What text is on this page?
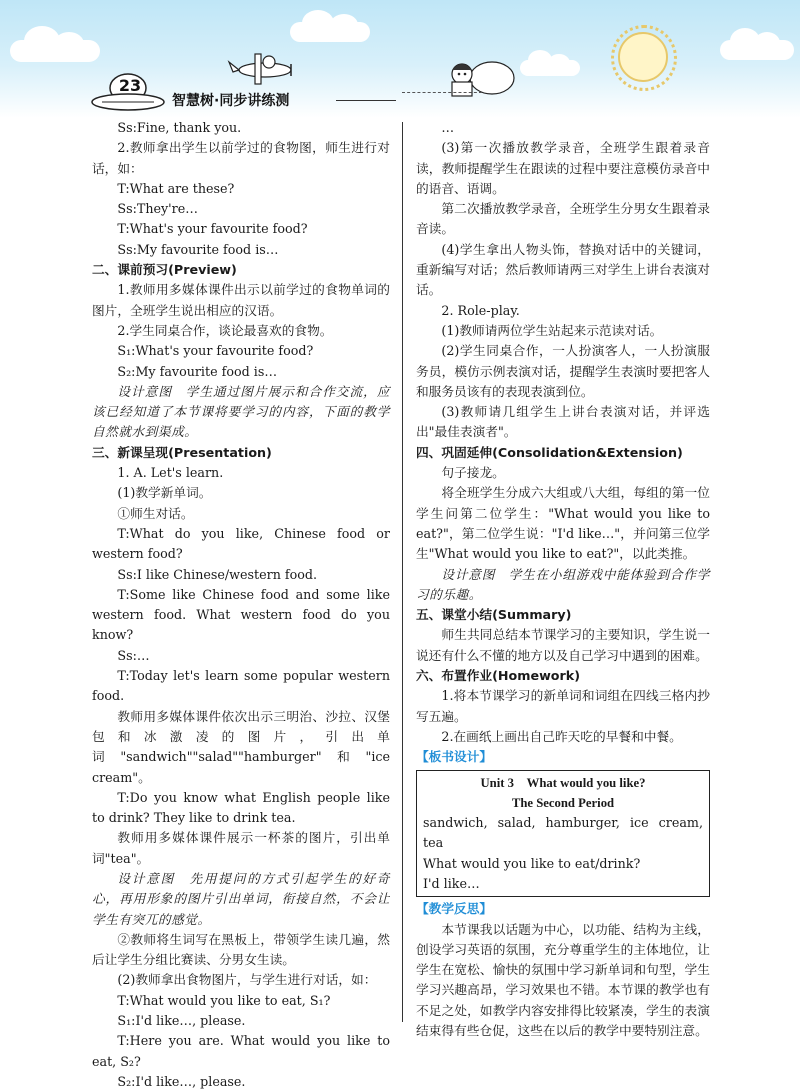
23
智慧树·同步讲练测

Ss:Fine, thank you.

2.教师拿出学生以前学过的食物图，师生进行对话，如：

T:What are these?

Ss:They're…

T:What's your favourite food?

Ss:My favourite food is…

二、课前预习(Preview)

1.教师用多媒体课件出示以前学过的食物单词的图片，全班学生说出相应的汉语。

2.学生同桌合作，谈论最喜欢的食物。

S₁:What's your favourite food?

S₂:My favourite food is…

设计意图　学生通过图片展示和合作交流，应该已经知道了本节课将要学习的内容，下面的教学自然就水到渠成。

三、新课呈现(Presentation)

1. A. Let's learn.

(1)教学新单词。

①师生对话。

T:What do you like, Chinese food or western food?

Ss:I like Chinese/western food.

T:Some like Chinese food and some like western food. What western food do you know?

Ss:…

T:Today let's learn some popular western food.

教师用多媒体课件依次出示三明治、沙拉、汉堡包和冰激凌的图片，引出单词"sandwich""salad""hamburger"和"ice cream"。

T:Do you know what English people like to drink? They like to drink tea.

教师用多媒体课件展示一杯茶的图片，引出单词"tea"。

设计意图　先用提问的方式引起学生的好奇心，再用形象的图片引出单词，衔接自然，不会让学生有突兀的感觉。

②教师将生词写在黑板上，带领学生读几遍，然后让学生分组比赛读、分男女生读。

(2)教师拿出食物图片，与学生进行对话，如：

T:What would you like to eat, S₁?

S₁:I'd like…, please.

T:Here you are. What would you like to eat, S₂?

S₂:I'd like…, please.

…

(3)第一次播放教学录音，全班学生跟着录音读，教师提醒学生在跟读的过程中要注意模仿录音中的语音、语调。

第二次播放教学录音，全班学生分男女生跟着录音读。

(4)学生拿出人物头饰，替换对话中的关键词，重新编写对话；然后教师请两三对学生上讲台表演对话。

2. Role-play.

(1)教师请两位学生站起来示范读对话。

(2)学生同桌合作，一人扮演客人，一人扮演服务员，模仿示例表演对话，提醒学生表演时要把客人和服务员该有的表现表演到位。

(3)教师请几组学生上讲台表演对话，并评选出"最佳表演者"。

四、巩固延伸(Consolidation&Extension)

句子接龙。

将全班学生分成六大组或八大组，每组的第一位学生问第二位学生："What would you like to eat?"，第二位学生说："I'd like…"，并问第三位学生"What would you like to eat?"，以此类推。

设计意图　学生在小组游戏中能体验到合作学习的乐趣。

五、课堂小结(Summary)

师生共同总结本节课学习的主要知识，学生说一说还有什么不懂的地方以及自己学习中遇到的困难。

六、布置作业(Homework)

1.将本节课学习的新单词和词组在四线三格内抄写五遍。

2.在画纸上画出自己昨天吃的早餐和中餐。

【板书设计】

Unit 3　What would you like?

The Second Period

sandwich, salad, hamburger, ice cream, tea

What would you like to eat/drink?

I'd like…

【教学反思】

本节课我以话题为中心，以功能、结构为主线，创设学习英语的氛围，充分尊重学生的主体地位，让学生在宽松、愉快的氛围中学习新单词和句型，学生学习兴趣高昂，学习效果也不错。本节课的教学也有不足之处，如教学内容安排得比较紧凑，学生的表演结束得有些仓促，这些在以后的教学中要特别注意。
